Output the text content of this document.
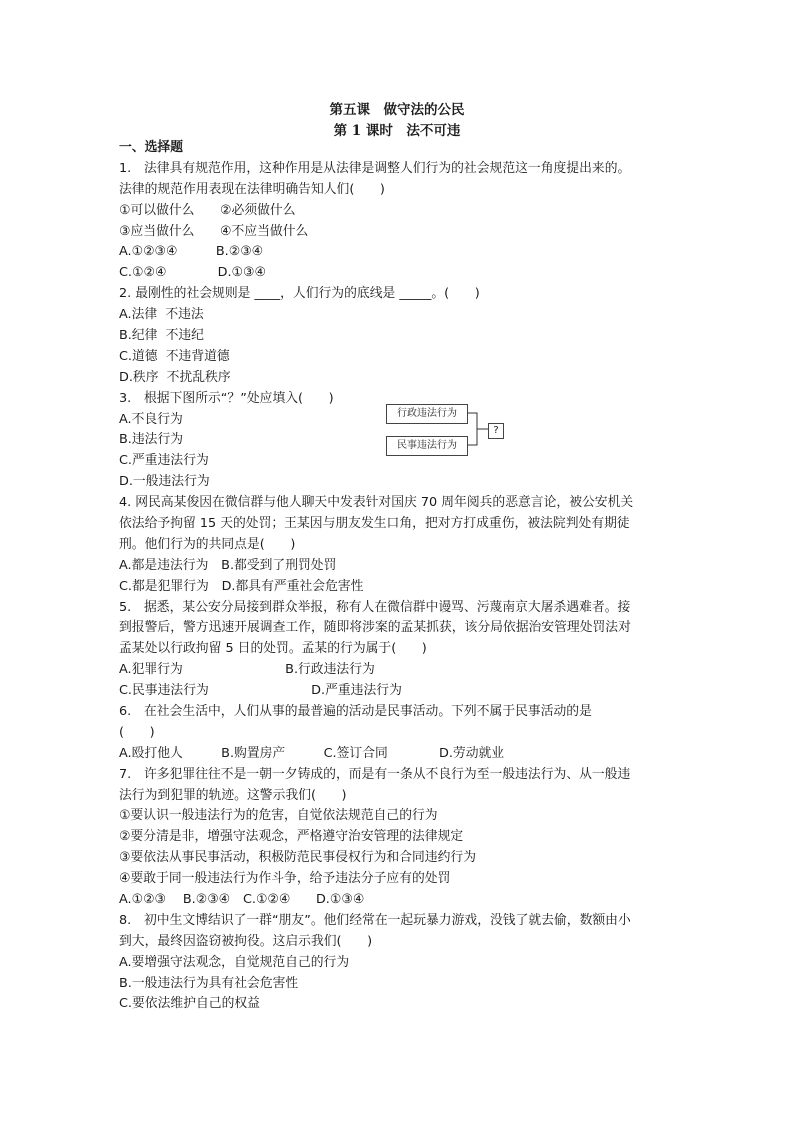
第五课　做守法的公民
第 1 课时　法不可违
一、选择题
1.　法律具有规范作用，这种作用是从法律是调整人们行为的社会规范这一角度提出来的。
法律的规范作用表现在法律明确告知人们(　　)
①可以做什么　　②必须做什么
③应当做什么　　④不应当做什么
A.①②③④　　　B.②③④
C.①②④　　　　D.①③④
2. 最刚性的社会规则是 ____，人们行为的底线是 _____。(　　)
A.法律  不违法
B.纪律  不违纪
C.道德  不违背道德
D.秩序  不扰乱秩序
3.　根据下图所示“？”处应填入(　　)
A.不良行为
B.违法行为
C.严重违法行为
D.一般违法行为
行政违法行为
民事违法行为
?
4. 网民高某俊因在微信群与他人聊天中发表针对国庆 70 周年阅兵的恶意言论，被公安机关
依法给予拘留 15 天的处罚；王某因与朋友发生口角，把对方打成重伤，被法院判处有期徒
刑。他们行为的共同点是(　　)
A.都是违法行为　B.都受到了刑罚处罚
C.都是犯罪行为　D.都具有严重社会危害性
5.　据悉，某公安分局接到群众举报，称有人在微信群中谩骂、污蔑南京大屠杀遇难者。接
到报警后，警方迅速开展调查工作，随即将涉案的孟某抓获，该分局依据治安管理处罚法对
孟某处以行政拘留 5 日的处罚。孟某的行为属于(　　)
A.犯罪行为　　　　　　　　B.行政违法行为
C.民事违法行为　　　　　　　　D.严重违法行为
6.　在社会生活中，人们从事的最普遍的活动是民事活动。下列不属于民事活动的是
(　　)
A.殴打他人　　　B.购置房产　　　C.签订合同　　　　D.劳动就业
7.　许多犯罪往往不是一朝一夕铸成的，而是有一条从不良行为至一般违法行为、从一般违
法行为到犯罪的轨迹。这警示我们(　　)
①要认识一般违法行为的危害，自觉依法规范自己的行为
②要分清是非，增强守法观念，严格遵守治安管理的法律规定
③要依法从事民事活动，积极防范民事侵权行为和合同违约行为
④要敢于同一般违法行为作斗争，给予违法分子应有的处罚
A.①②③　 B.②③④　C.①②④　　D.①③④
8.　初中生文博结识了一群“朋友”。他们经常在一起玩暴力游戏，没钱了就去偷，数额由小
到大，最终因盗窃被拘役。这启示我们(　　)
A.要增强守法观念，自觉规范自己的行为
B.一般违法行为具有社会危害性
C.要依法维护自己的权益
